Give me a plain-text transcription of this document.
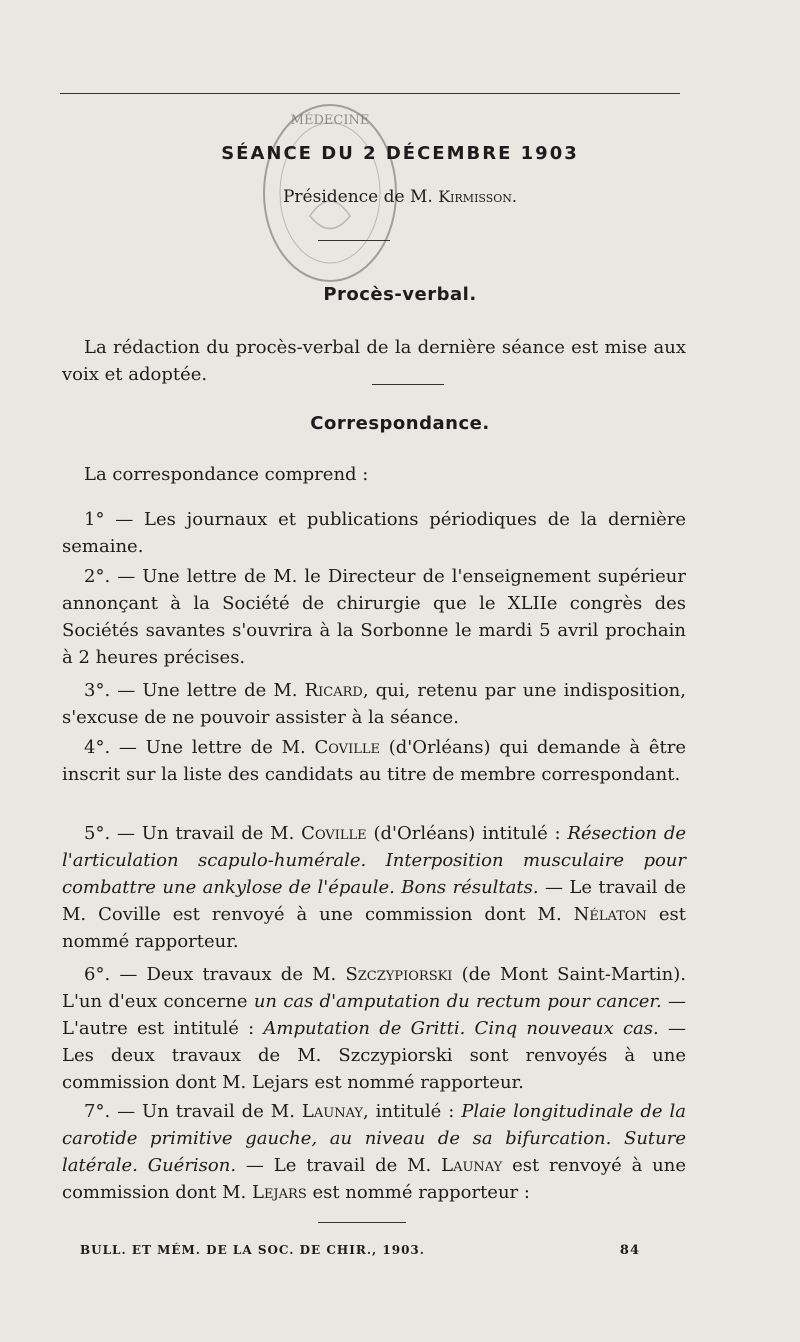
MÉDECINE
SÉANCE DU 2 DÉCEMBRE 1903
Présidence de M. Kirmisson.
Procès-verbal.
La rédaction du procès-verbal de la dernière séance est mise aux voix et adoptée.
Correspondance.
La correspondance comprend :
1° — Les journaux et publications périodiques de la dernière semaine.
2°. — Une lettre de M. le Directeur de l'enseignement supérieur annonçant à la Société de chirurgie que le XLIIe congrès des Sociétés savantes s'ouvrira à la Sorbonne le mardi 5 avril prochain à 2 heures précises.
3°. — Une lettre de M. Ricard, qui, retenu par une indisposition, s'excuse de ne pouvoir assister à la séance.
4°. — Une lettre de M. Coville (d'Orléans) qui demande à être inscrit sur la liste des candidats au titre de membre correspondant.
5°. — Un travail de M. Coville (d'Orléans) intitulé : Résection de l'articulation scapulo-humérale. Interposition musculaire pour combattre une ankylose de l'épaule. Bons résultats. — Le travail de M. Coville est renvoyé à une commission dont M. Nélaton est nommé rapporteur.
6°. — Deux travaux de M. Szczypiorski (de Mont Saint-Martin). L'un d'eux concerne un cas d'amputation du rectum pour cancer. — L'autre est intitulé : Amputation de Gritti. Cinq nouveaux cas. — Les deux travaux de M. Szczypiorski sont renvoyés à une commission dont M. Lejars est nommé rapporteur.
7°. — Un travail de M. Launay, intitulé : Plaie longitudinale de la carotide primitive gauche, au niveau de sa bifurcation. Suture latérale. Guérison. — Le travail de M. Launay est renvoyé à une commission dont M. Lejars est nommé rapporteur :
BULL. ET MÉM. DE LA SOC. DE CHIR., 1903.	84
